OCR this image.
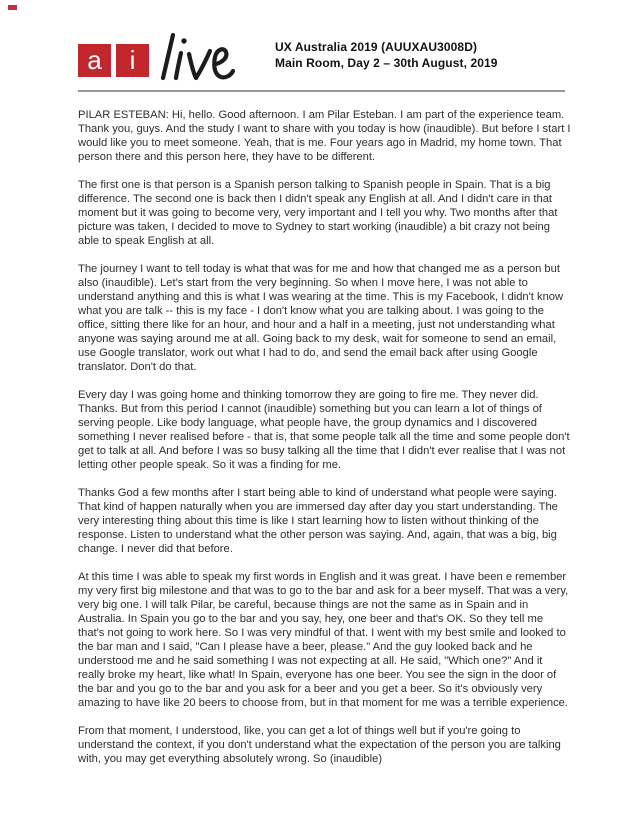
a	i	UX Australia 2019 (AUUXAU3008D)
Main Room, Day 2 – 30th August, 2019

PILAR ESTEBAN: Hi, hello. Good afternoon. I am Pilar Esteban. I am part of the experience team. Thank you, guys. And the study I want to share with you today is how (inaudible). But before I start I would like you to meet someone. Yeah, that is me. Four years ago in Madrid, my home town. That person there and this person here, they have to be different.

The first one is that person is a Spanish person talking to Spanish people in Spain. That is a big difference. The second one is back then I didn't speak any English at all. And I didn't care in that moment but it was going to become very, very important and I tell you why. Two months after that picture was taken, I decided to move to Sydney to start working (inaudible) a bit crazy not being able to speak English at all.

The journey I want to tell today is what that was for me and how that changed me as a person but also (inaudible). Let's start from the very beginning. So when I move here, I was not able to understand anything and this is what I was wearing at the time. This is my Facebook, I didn't know what you are talk -- this is my face - I don't know what you are talking about. I was going to the office, sitting there like for an hour, and hour and a half in a meeting, just not understanding what anyone was saying around me at all. Going back to my desk, wait for someone to send an email, use Google translator, work out what I had to do, and send the email back after using Google translator. Don't do that.

Every day I was going home and thinking tomorrow they are going to fire me. They never did. Thanks. But from this period I cannot (inaudible) something but you can learn a lot of things of serving people. Like body language, what people have, the group dynamics and I discovered something I never realised before - that is, that some people talk all the time and some people don't get to talk at all. And before I was so busy talking all the time that I didn't ever realise that I was not letting other people speak. So it was a finding for me.

Thanks God a few months after I start being able to kind of understand what people were saying. That kind of happen naturally when you are immersed day after day you start understanding. The very interesting thing about this time is like I start learning how to listen without thinking of the response. Listen to understand what the other person was saying. And, again, that was a big, big change. I never did that before.

At this time I was able to speak my first words in English and it was great. I have been e remember my very first big milestone and that was to go to the bar and ask for a beer myself. That was a very, very big one. I will talk Pilar, be careful, because things are not the same as in Spain and in Australia. In Spain you go to the bar and you say, hey, one beer and that's OK. So they tell me that's not going to work here. So I was very mindful of that. I went with my best smile and looked to the bar man and I said, "Can I please have a beer, please." And the guy looked back and he understood me and he said something I was not expecting at all. He said, "Which one?" And it really broke my heart, like what! In Spain, everyone has one beer. You see the sign in the door of the bar and you go to the bar and you ask for a beer and you get a beer. So it's obviously very amazing to have like 20 beers to choose from, but in that moment for me was a terrible experience.

From that moment, I understood, like, you can get a lot of things well but if you're going to understand the context, if you don't understand what the expectation of the person you are talking with, you may get everything absolutely wrong. So (inaudible)
